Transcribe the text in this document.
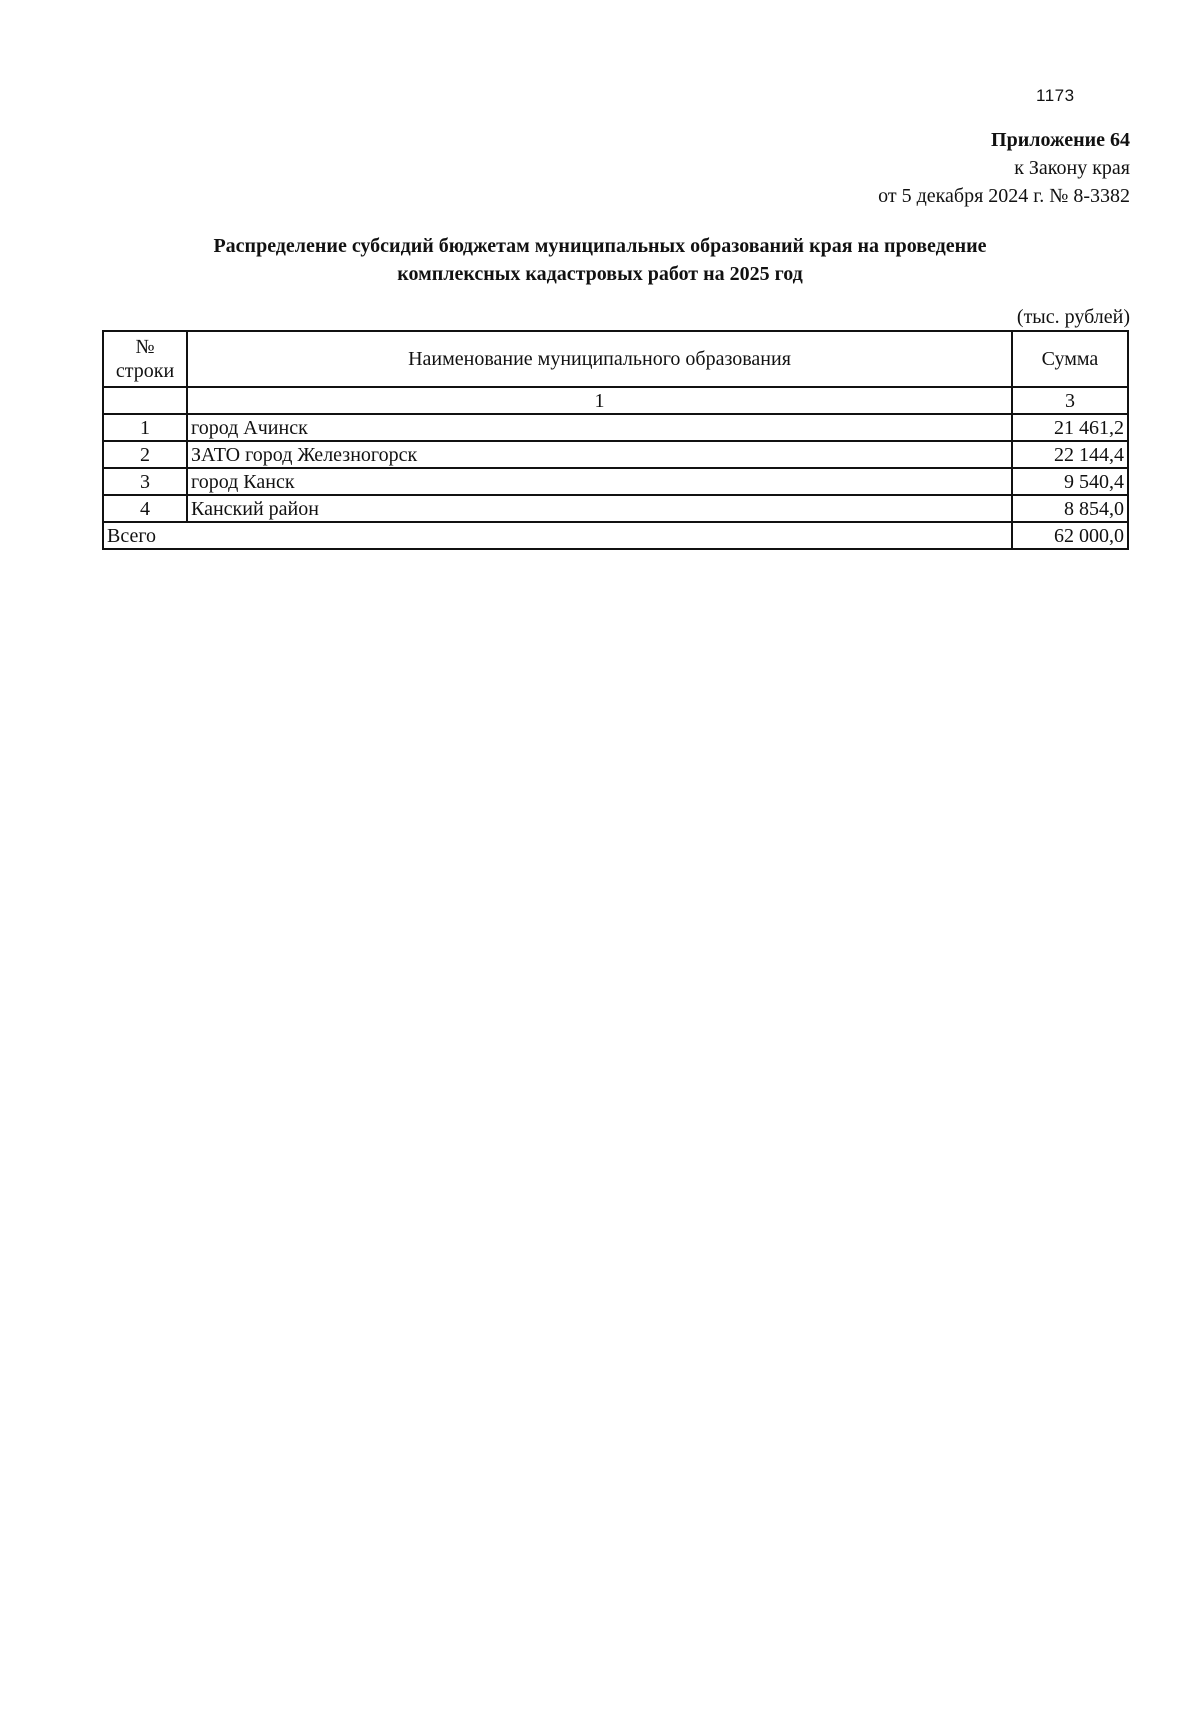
1173
Приложение 64
к Закону края
от 5 декабря 2024 г. № 8-3382
Распределение субсидий бюджетам муниципальных образований края на проведение
комплексных кадастровых работ на 2025 год
(тыс. рублей)
№
строки	Наименование муниципального образования	Сумма
	1	3
1	город Ачинск	21 461,2
2	ЗАТО город Железногорск	22 144,4
3	город Канск	9 540,4
4	Канский район	8 854,0
Всего		62 000,0
